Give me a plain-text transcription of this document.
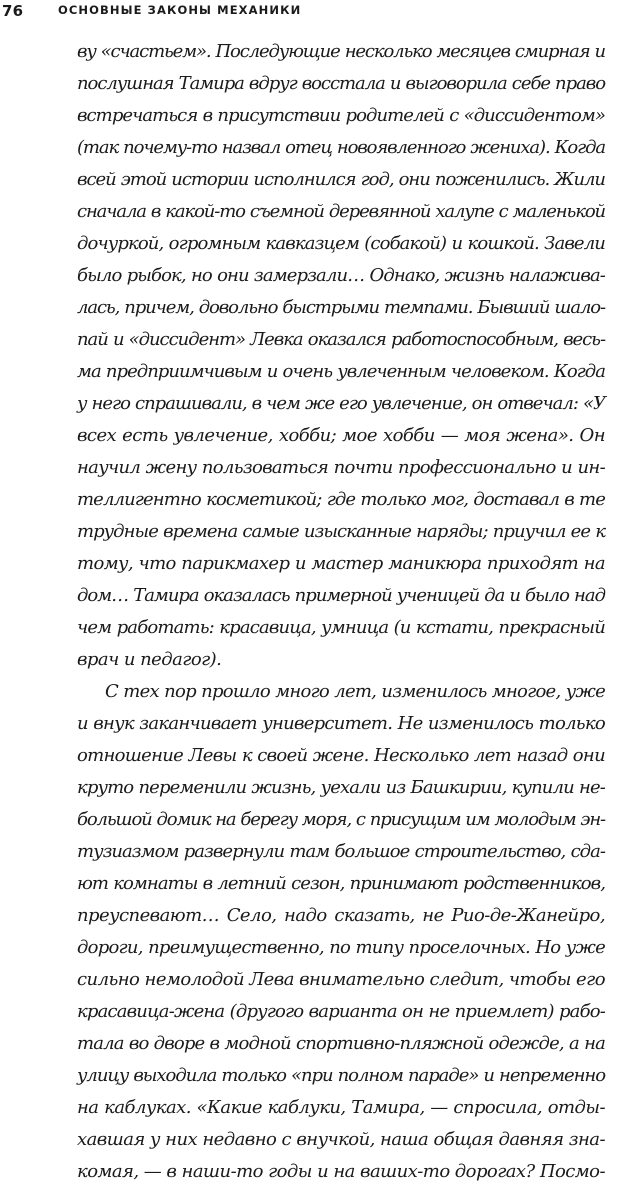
76	ОСНОВНЫЕ ЗАКОНЫ МЕХАНИКИ
ву «счастьем». Последующие несколько месяцев смирная и
послушная Тамира вдруг восстала и выговорила себе право
встречаться в присутствии родителей с «диссидентом»
(так почему-то назвал отец новоявленного жениха). Когда
всей этой истории исполнился год, они поженились. Жили
сначала в какой-то съемной деревянной халупе с маленькой
дочуркой, огромным кавказцем (собакой) и кошкой. Завели
было рыбок, но они замерзали… Однако, жизнь налаживa-
лась, причем, довольно быстрыми темпами. Бывший шало-
пай и «диссидент» Левка оказался работоспособным, весь-
ма предприимчивым и очень увлеченным человеком. Когда
у него спрашивали, в чем же его увлечение, он отвечал: «У
всех есть увлечение, хобби; мое хобби — моя жена». Он
научил жену пользоваться почти профессионально и ин-
теллигентно косметикой; где только мог, доставал в те
трудные времена самые изысканные наряды; приучил ее к
тому, что парикмахер и мастер маникюра приходят на
дом… Тамира оказалась примерной ученицей да и было над
чем работать: красавица, умница (и кстати, прекрасный
врач и педагог).
С тех пор прошло много лет, изменилось многое, уже
и внук заканчивает университет. Не изменилось только
отношение Левы к своей жене. Несколько лет назад они
круто переменили жизнь, уехали из Башкирии, купили не-
большой домик на берегу моря, с присущим им молодым эн-
тузиазмом развернули там большое строительство, сда-
ют комнаты в летний сезон, принимают родственников,
преуспевают… Село, надо сказать, не Рио-де-Жанейро,
дороги, преимущественно, по типу проселочных. Но уже
сильно немолодой Лева внимательно следит, чтобы его
красавица-жена (другого варианта он не приемлет) рабо-
тала во дворе в модной спортивно-пляжной одежде, а на
улицу выходила только «при полном параде» и непременно
на каблуках. «Какие каблуки, Тамира, — спросила, отды-
хавшая у них недавно с внучкой, наша общая давняя зна-
комая, — в наши-то годы и на ваших-то дорогах? Посмо-
